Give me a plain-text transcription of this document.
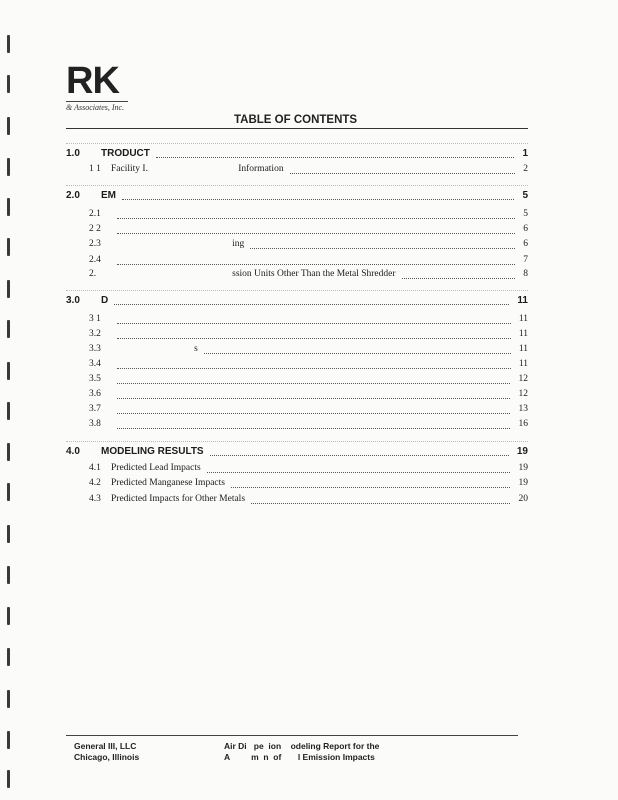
RK
& Associates, Inc.
TABLE OF CONTENTS
1.0 TRODUCT	1
1 1 Facility I.                                      Information	2
2.0 EM	5
2.1	5
2 2	6
2.3 ing	6
2.4	7
2. ssion Units Other Than the Metal Shredder	8
3.0 D	11
3 1	11
3.2	11
3.3 s	11
3.4	11
3.5	12
3.6	12
3.7	13
3.8	16
4.0 MODELING RESULTS	19
4.1 Predicted Lead Impacts	19
4.2 Predicted Manganese Impacts	19
4.3 Predicted Impacts for Other Metals	20
General III, LLC
Chicago, Illinois
Air Di   pe  ion    odeling Report for the
A         m  n  of       l Emission Impacts
